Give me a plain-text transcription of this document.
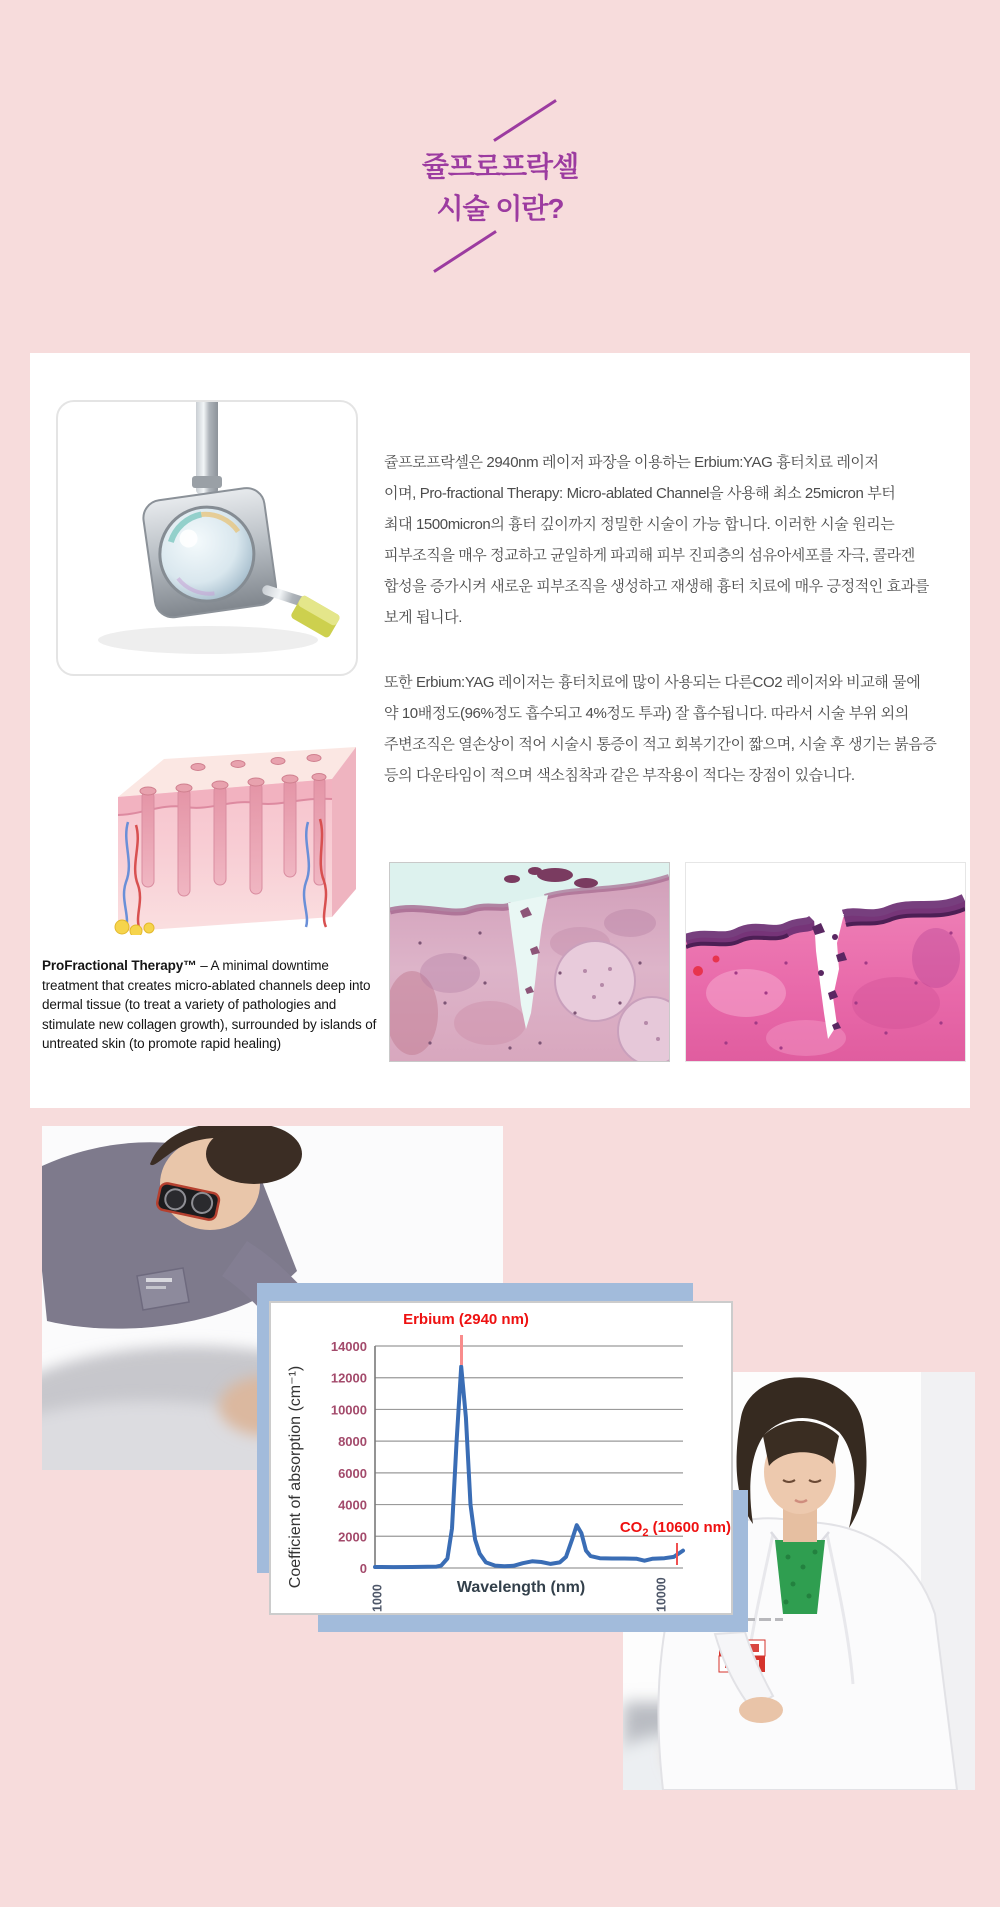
쥴프로프락셀
시술 이란?
쥴프로프락셀은 2940nm 레이저 파장을 이용하는 Erbium:YAG 흉터치료 레이저
이며, Pro-fractional Therapy: Micro-ablated Channel을 사용해 최소 25micron 부터
최대 1500micron의 흉터 깊이까지 정밀한 시술이 가능 합니다. 이러한 시술 원리는
피부조직을 매우 정교하고 균일하게 파괴해 피부 진피층의 섬유아세포를 자극, 콜라겐
합성을 증가시켜 새로운 피부조직을 생성하고 재생해 흉터 치료에 매우 긍정적인 효과를
보게 됩니다.
또한 Erbium:YAG 레이저는 흉터치료에 많이 사용되는 다른CO2 레이저와 비교해 물에
약 10배정도(96%정도 흡수되고 4%정도 투과) 잘 흡수됩니다. 따라서 시술 부위 외의
주변조직은 열손상이 적어 시술시 통증이 적고 회복기간이 짧으며, 시술 후 생기는 붉음증
등의 다운타임이 적으며 색소침착과 같은 부작용이 적다는 장점이 있습니다.
ProFractional Therapy™ – A minimal downtime treatment that creates micro-ablated channels deep into dermal tissue (to treat a variety of pathologies and stimulate new collagen growth), surrounded by islands of untreated skin (to promote rapid healing)
0
2000
4000
6000
8000
10000
12000
14000
1000	10000
Coefficient of absorption (cm⁻¹)	Wavelength (nm)
Erbium (2940 nm)
$CO_2$ (10600 nm)
